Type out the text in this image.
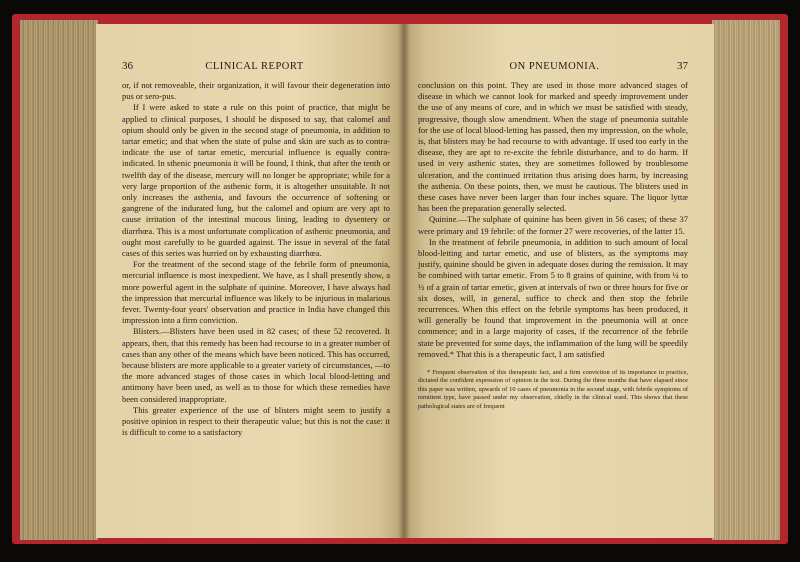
36	CLINICAL REPORT

or, if not removeable, their organization, it will favour their degeneration into pus or sero-pus.

If I were asked to state a rule on this point of practice, that might be applied to clinical purposes, I should be disposed to say, that calomel and opium should only be given in the second stage of pneumonia, in addition to tartar emetic; and that when the state of pulse and skin are such as to contra-indicate the use of tartar emetic, mercurial influence is equally contra-indicated. In sthenic pneumonia it will be found, I think, that after the tenth or twelfth day of the disease, mercury will no longer be appropriate; while for a very large proportion of the asthenic form, it is altogether unsuitable. It not only increases the asthenia, and favours the occurrence of softening or gangrene of the indurated lung, but the calomel and opium are very apt to cause irritation of the intestinal mucous lining, leading to dysentery or diarrhœa. This is a most unfortunate complication of asthenic pneumonia, and ought most carefully to be guarded against. The issue in several of the fatal cases of this series was hurried on by exhausting diarrhœa.

For the treatment of the second stage of the febrile form of pneumonia, mercurial influence is most inexpedient. We have, as I shall presently show, a more powerful agent in the sulphate of quinine. Moreover, I have always had the impression that mercurial influence was likely to be injurious in malarious fever. Twenty-four years' observation and practice in India have changed this impression into a firm conviction.

Blisters.—Blisters have been used in 82 cases; of these 52 recovered. It appears, then, that this remedy has been had recourse to in a greater number of cases than any other of the means which have been noticed. This has occurred, because blisters are more applicable to a greater variety of circumstances, —to the more advanced stages of those cases in which local blood-letting and antimony have been used, as well as to those for which these remedies have been considered inappropriate.

This greater experience of the use of blisters might seem to justify a positive opinion in respect to their therapeutic value; but this is not the case: it is difficult to come to a satisfactory

ON PNEUMONIA.	37

conclusion on this point. They are used in those more advanced stages of disease in which we cannot look for marked and speedy improvement under the use of any means of cure, and in which we must be satisfied with steady, progressive, though slow amendment. When the stage of pneumonia suitable for the use of local blood-letting has passed, then my impression, on the whole, is, that blisters may be had recourse to with advantage. If used too early in the disease, they are apt to re-excite the febrile disturbance, and to do harm. If used in very asthenic states, they are sometimes followed by troublesome ulceration, and the continued irritation thus arising does harm, by increasing the asthenia. On these points, then, we must be cautious. The blisters used in these cases have never been larger than four inches square. The liquor lyttæ has been the preparation generally selected.

Quinine.—The sulphate of quinine has been given in 56 cases; of these 37 were primary and 19 febrile: of the former 27 were recoveries, of the latter 15.

In the treatment of febrile pneumonia, in addition to such amount of local blood-letting and tartar emetic, and use of blisters, as the symptoms may justify, quinine should be given in adequate doses during the remission. It may be combined with tartar emetic. From 5 to 8 grains of quinine, with from ¼ to ½ of a grain of tartar emetic, given at intervals of two or three hours for five or six doses, will, in general, suffice to check and then stop the febrile recurrences. When this effect on the febrile symptoms has been produced, it will generally be found that improvement in the pneumonia will at once commence; and in a large majority of cases, if the recurrence of the febrile state be prevented for some days, the inflammation of the lung will be speedily removed.* That this is a therapeutic fact, I am satisfied

* Frequent observation of this therapeutic fact, and a firm conviction of its importance in practice, dictated the confident expression of opinion in the text. During the three months that have elapsed since this paper was written, upwards of 10 cases of pneumonia in the second stage, with febrile symptoms of remittent type, have passed under my observation, chiefly in the clinical ward. This shows that these pathological states are of frequent
